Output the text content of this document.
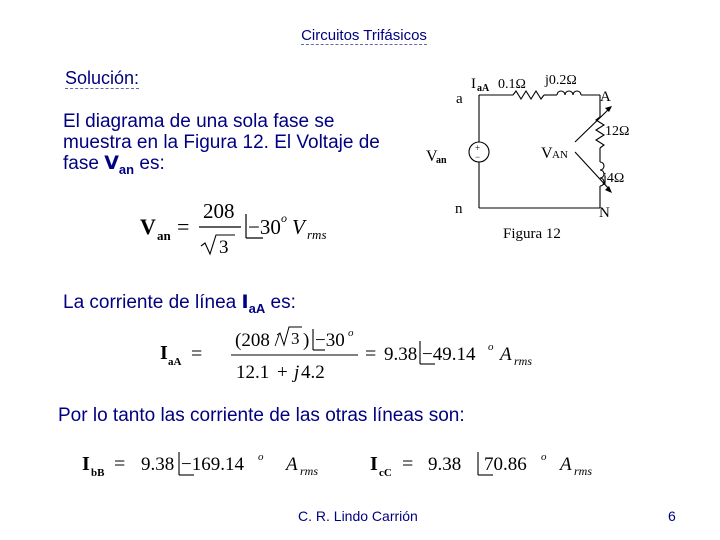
Circuitos Trifásicos
Solución:
El diagrama de una sola fase se muestra en la Figura 12. El Voltaje de fase $V_{an}$ es:
V an =
208
3
−30 o V rms
+
−
a
n
A
N
I aA 0.1Ω j0.2Ω
12Ω
j4Ω
V
an	V AN
Figura 12
La corriente de línea $I_{aA}$ es:
I aA =
(208 / 3 ) −30 o
12.1 + j 4.2
= 9.38 −49.14 o A rms
Por lo tanto las corriente de las otras líneas son:
I bB = 9.38 −169.14 o A rms	I cC = 9.38 70.86 o A rms
C. R. Lindo Carrión	6
